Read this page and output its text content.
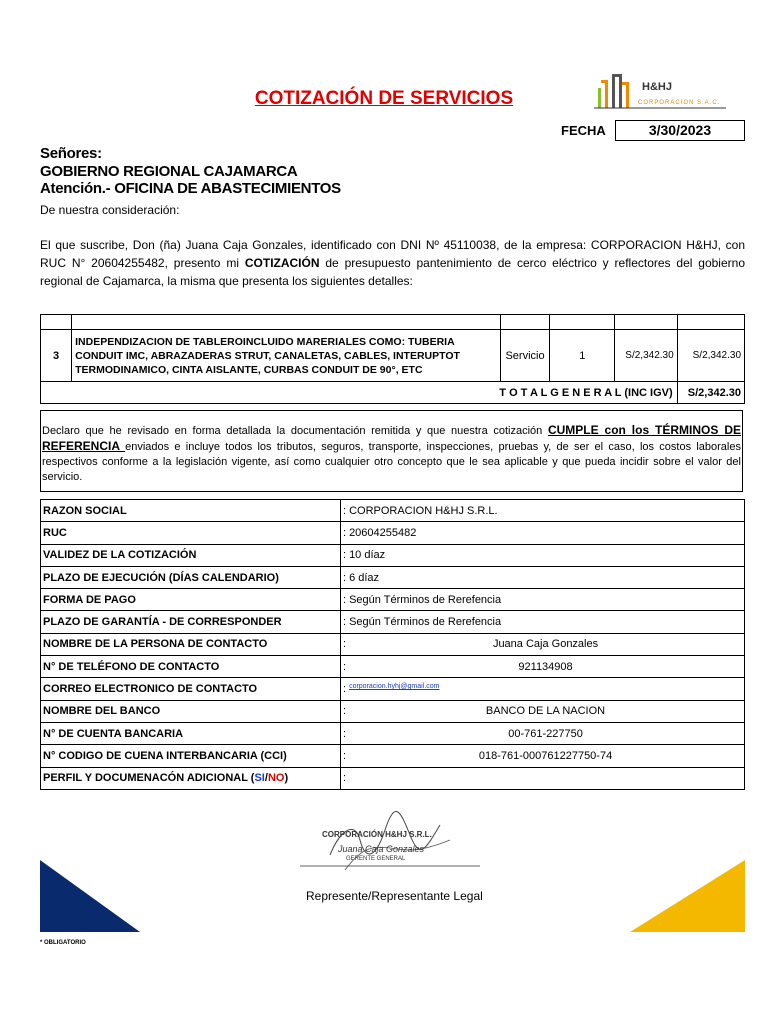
COTIZACIÓN DE SERVICIOS
H&HJ
CORPORACION S.A.C.
FECHA	3/30/2023
Señores:
GOBIERNO REGIONAL CAJAMARCA
Atención.- OFICINA DE ABASTECIMIENTOS
De nuestra consideración:
El que suscribe, Don (ña) Juana Caja Gonzales, identificado con DNI Nº 45110038, de la empresa: CORPORACION H&HJ, con RUC N° 20604255482, presento mi COTIZACIÓN de presupuesto pantenimiento de cerco eléctrico y reflectores del gobierno regional de Cajamarca, la misma que presenta los siguientes detalles:

3	INDEPENDIZACION DE TABLEROINCLUIDO MARERIALES COMO: TUBERIA CONDUIT IMC, ABRAZADERAS STRUT, CANALETAS, CABLES, INTERUPTOT TERMODINAMICO, CINTA AISLANTE, CURBAS CONDUIT DE 90°, ETC	Servicio	1	S/2,342.30	S/2,342.30
T O T A L G E N E R A L (INC IGV)					S/2,342.30
Declaro que he revisado en forma detallada la documentación remitida y que nuestra cotización CUMPLE con los TÉRMINOS DE REFERENCIA enviados e incluye todos los tributos, seguros, transporte, inspecciones, pruebas y, de ser el caso, los costos laborales respectivos conforme a la legislación vigente, así como cualquier otro concepto que le sea aplicable y que pueda incidir sobre el valor del servicio.
RAZON SOCIAL	: CORPORACION H&HJ S.R.L.
RUC	: 20604255482
VALIDEZ DE LA COTIZACIÓN	: 10 díaz
PLAZO DE EJECUCIÓN (DÍAS CALENDARIO)	: 6 díaz
FORMA DE PAGO	: Según Términos de Rerefencia
PLAZO DE GARANTÍA - DE CORRESPONDER	: Según Términos de Rerefencia
NOMBRE DE LA PERSONA DE CONTACTO	: Juana Caja Gonzales
N° DE TELÉFONO DE CONTACTO	: 921134908
CORREO ELECTRONICO DE CONTACTO	: $^{corporacion.hyhj@gmail.com}$
NOMBRE DEL BANCO	: BANCO DE LA NACION
N° DE CUENTA BANCARIA	: 00-761-227750
N° CODIGO DE CUENA INTERBANCARIA (CCI)	: 018-761-000761227750-74
PERFIL Y DOCUMENACÓN ADICIONAL (SI/NO)	:
CORPORACIÓN H&HJ S.R.L.
Juana Caja Gonzales
GERENTE GENERAL
Represente/Representante Legal
* OBLIGATORIO
